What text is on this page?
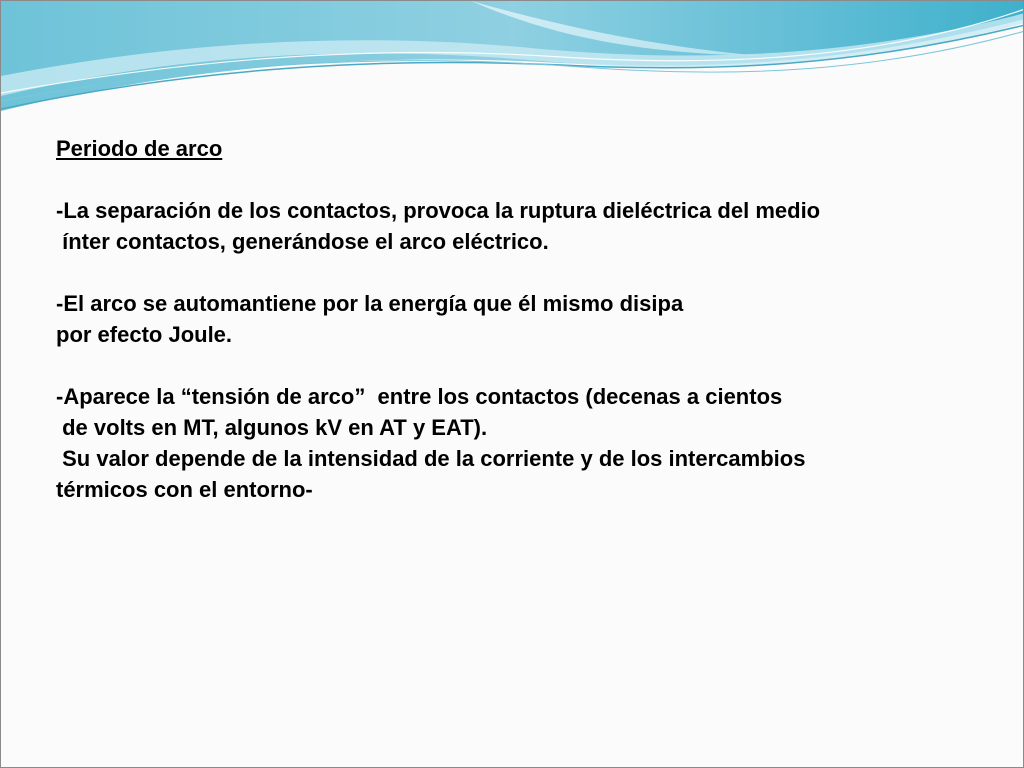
Periodo de arco
-La separación de los contactos, provoca la ruptura dieléctrica del medio
ínter contactos, generándose el arco eléctrico.
-El arco se automantiene por la energía que él mismo disipa
por efecto Joule.
-Aparece la “tensión de arco”  entre los contactos (decenas a cientos
de volts en MT, algunos kV en AT y EAT).
Su valor depende de la intensidad de la corriente y de los intercambios
térmicos con el entorno-
